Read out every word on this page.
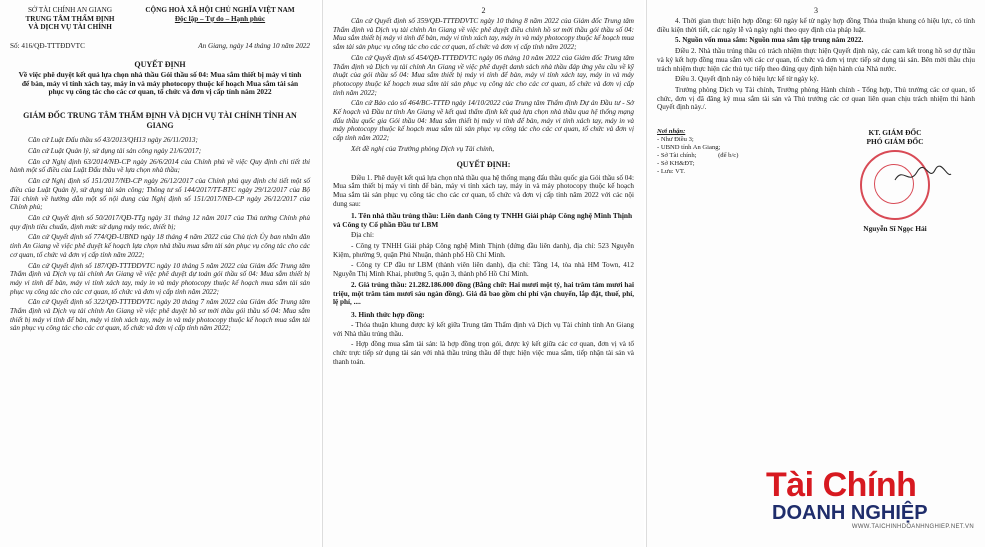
SỞ TÀI CHÍNH AN GIANG
TRUNG TÂM THẨM ĐỊNH
VÀ DỊCH VỤ TÀI CHÍNH
CỘNG HOÀ XÃ HỘI CHỦ NGHĨA VIỆT NAM
Độc lập – Tự do – Hạnh phúc
Số: 416/QĐ-TTTĐDVTC	An Giang, ngày 14 tháng 10 năm 2022
QUYẾT ĐỊNH
Về việc phê duyệt kết quả lựa chọn nhà thầu Gói thầu số 04: Mua sắm thiết bị máy vi tính để bàn, máy vi tính xách tay, máy in và máy photocopy thuộc kế hoạch Mua sắm tài sản phục vụ công tác cho các cơ quan, tổ chức và đơn vị cấp tỉnh năm 2022
GIÁM ĐỐC TRUNG TÂM THẨM ĐỊNH VÀ DỊCH VỤ TÀI CHÍNH TỈNH AN GIANG

Căn cứ Luật Đấu thầu số 43/2013/QH13 ngày 26/11/2013;

Căn cứ Luật Quản lý, sử dụng tài sản công ngày 21/6/2017;

Căn cứ Nghị định 63/2014/NĐ-CP ngày 26/6/2014 của Chính phủ về việc Quy định chi tiết thi hành một số điều của Luật Đấu thầu về lựa chọn nhà thầu;

Căn cứ Nghị định số 151/2017/NĐ-CP ngày 26/12/2017 của Chính phủ quy định chi tiết một số điều của Luật Quản lý, sử dụng tài sản công; Thông tư số 144/2017/TT-BTC ngày 29/12/2017 của Bộ Tài chính về hướng dẫn một số nội dung của Nghị định số 151/2017/NĐ-CP ngày 26/12/2017 của Chính phủ;

Căn cứ Quyết định số 50/2017/QĐ-TTg ngày 31 tháng 12 năm 2017 của Thủ tướng Chính phủ quy định tiêu chuẩn, định mức sử dụng máy móc, thiết bị;

Căn cứ Quyết định số 774/QĐ-UBND ngày 18 tháng 4 năm 2022 của Chủ tịch Ủy ban nhân dân tỉnh An Giang về việc phê duyệt kế hoạch lựa chọn nhà thầu mua sắm tài sản phục vụ công tác cho các cơ quan, tổ chức và đơn vị cấp tỉnh năm 2022;

Căn cứ Quyết định số 187/QĐ-TTTĐDVTC ngày 10 tháng 5 năm 2022 của Giám đốc Trung tâm Thẩm định và Dịch vụ tài chính An Giang về việc phê duyệt dự toán gói thầu số 04: Mua sắm thiết bị máy vi tính để bàn, máy vi tính xách tay, máy in và máy photocopy thuộc kế hoạch mua sắm tài sản phục vụ công tác cho các cơ quan, tổ chức và đơn vị cấp tỉnh năm 2022;

Căn cứ Quyết định số 322/QĐ-TTTĐDVTC ngày 20 tháng 7 năm 2022 của Giám đốc Trung tâm Thẩm định và Dịch vụ tài chính An Giang về việc phê duyệt hồ sơ mời thầu gói thầu số 04: Mua sắm thiết bị máy vi tính để bàn, máy vi tính xách tay, máy in và máy photocopy thuộc kế hoạch mua sắm tài sản phục vụ công tác cho các cơ quan, tổ chức và đơn vị cấp tỉnh năm 2022;

2

Căn cứ Quyết định số 359/QĐ-TTTĐDVTC ngày 10 tháng 8 năm 2022 của Giám đốc Trung tâm Thẩm định và Dịch vụ tài chính An Giang về việc phê duyệt điều chỉnh hồ sơ mời thầu gói thầu số 04: Mua sắm thiết bị máy vi tính để bàn, máy vi tính xách tay, máy in và máy photocopy thuộc kế hoạch mua sắm tài sản phục vụ công tác cho các cơ quan, tổ chức và đơn vị cấp tỉnh năm 2022;

Căn cứ Quyết định số 454/QĐ-TTTĐDVTC ngày 06 tháng 10 năm 2022 của Giám đốc Trung tâm Thẩm định và Dịch vụ tài chính An Giang về việc phê duyệt danh sách nhà thầu đáp ứng yêu cầu về kỹ thuật của gói thầu số 04: Mua sắm thiết bị máy vi tính để bàn, máy vi tính xách tay, máy in và máy photocopy thuộc kế hoạch mua sắm tài sản phục vụ công tác cho các cơ quan, tổ chức và đơn vị cấp tỉnh năm 2022;

Căn cứ Báo cáo số 464/BC-TTTĐ ngày 14/10/2022 của Trung tâm Thẩm định Dự án Đầu tư - Sở Kế hoạch và Đầu tư tỉnh An Giang về kết quả thẩm định kết quả lựa chọn nhà thầu qua hệ thống mạng đấu thầu quốc gia Gói thầu 04: Mua sắm thiết bị máy vi tính để bàn, máy vi tính xách tay, máy in và máy photocopy thuộc kế hoạch mua sắm tài sản phục vụ công tác cho các cơ quan, tổ chức và đơn vị cấp tỉnh năm 2022;

Xét đề nghị của Trưởng phòng Dịch vụ Tài chính,

QUYẾT ĐỊNH:

Điều 1. Phê duyệt kết quả lựa chọn nhà thầu qua hệ thống mạng đấu thầu quốc gia Gói thầu số 04: Mua sắm thiết bị máy vi tính để bàn, máy vi tính xách tay, máy in và máy photocopy thuộc kế hoạch Mua sắm tài sản phục vụ công tác cho các cơ quan, tổ chức và đơn vị cấp tỉnh năm 2022 với các nội dung sau:

1. Tên nhà thầu trúng thầu: Liên danh Công ty TNHH Giải pháp Công nghệ Minh Thịnh và Công ty Cổ phần Đầu tư LBM

Địa chỉ:

- Công ty TNHH Giải pháp Công nghệ Minh Thịnh (đứng đầu liên danh), địa chỉ: 523 Nguyễn Kiệm, phường 9, quận Phú Nhuận, thành phố Hồ Chí Minh.

- Công ty CP đầu tư LBM (thành viên liên danh), địa chỉ: Tầng 14, tòa nhà HM Town, 412 Nguyễn Thị Minh Khai, phường 5, quận 3, thành phố Hồ Chí Minh.

2. Giá trúng thầu: 21.282.186.000 đồng (Bằng chữ: Hai mươi một tỷ, hai trăm tám mươi hai triệu, một trăm tám mươi sáu ngàn đồng). Giá đã bao gồm chi phí vận chuyển, lắp đặt, thuế, phí, lệ phí, ....

3. Hình thức hợp đồng:

- Thỏa thuận khung được ký kết giữa Trung tâm Thẩm định và Dịch vụ Tài chính tỉnh An Giang với Nhà thầu trúng thầu.

- Hợp đồng mua sắm tài sản: là hợp đồng trọn gói, được ký kết giữa các cơ quan, đơn vị và tổ chức trực tiếp sử dụng tài sản với nhà thầu trúng thầu để thực hiện việc mua sắm, tiếp nhận tài sản và thanh toán.

3

4. Thời gian thực hiện hợp đồng: 60 ngày kể từ ngày hợp đồng Thỏa thuận khung có hiệu lực, có tính điều kiện thời tiết, các ngày lễ và ngày nghỉ theo quy định của pháp luật.

5. Nguồn vốn mua sắm: Nguồn mua sắm tập trung năm 2022.

Điều 2. Nhà thầu trúng thầu có trách nhiệm thực hiện Quyết định này, các cam kết trong hồ sơ dự thầu và ký kết hợp đồng mua sắm với các cơ quan, tổ chức và đơn vị trực tiếp sử dụng tài sản. Bên mời thầu chịu trách nhiệm thực hiện các thủ tục tiếp theo đúng quy định hiện hành của Nhà nước.

Điều 3. Quyết định này có hiệu lực kể từ ngày ký.

Trưởng phòng Dịch vụ Tài chính, Trưởng phòng Hành chính - Tổng hợp, Thủ trưởng các cơ quan, tổ chức, đơn vị đã đăng ký mua sắm tài sản và Thủ trưởng các cơ quan liên quan chịu trách nhiệm thi hành Quyết định này./.

Nơi nhận:
- Như Điều 3;
- UBND tỉnh An Giang;
- Sở Tài chính;	(để b/c)
- Sở KH&ĐT;
- Lưu: VT.
KT. GIÁM ĐỐC
PHÓ GIÁM ĐỐC
Nguyễn Sĩ Ngọc Hải
Tài Chính
DOANH NGHIỆP
WWW.TAICHINHDOANHNGHIEP.NET.VN
